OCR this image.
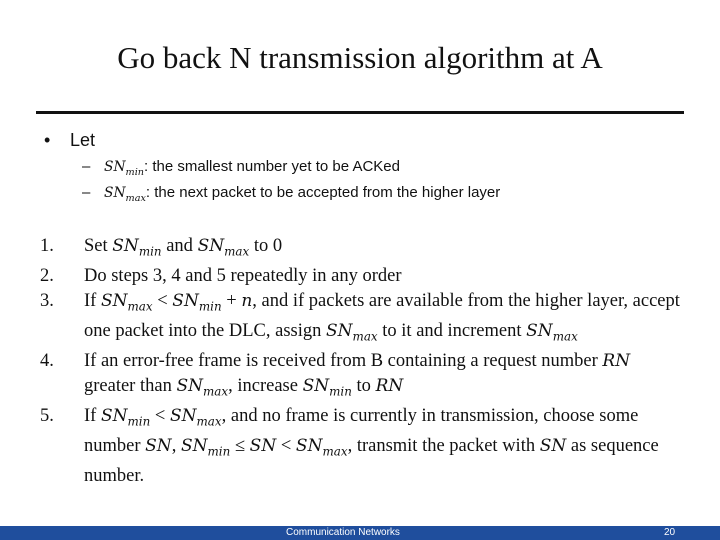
Go back N transmission algorithm at A
• Let
– $SN_{min}$: the smallest number yet to be ACKed
– $SN_{max}$: the next packet to be accepted from the higher layer
1.	Set $SN_{min}$ and $SN_{max}$ to 0
2.	Do steps 3, 4 and 5 repeatedly in any order
3.	If $SN_{max} < SN_{min} + n$, and if packets are available from the higher layer, accept one packet into the DLC, assign $SN_{max}$ to it and increment $SN_{max}$
4.	If an error-free frame is received from B containing a request number RN greater than $SN_{max}$, increase $SN_{min}$ to RN
5.	If $SN_{min} < SN_{max}$, and no frame is currently in transmission, choose some number SN, $SN_{min}$ ≤ SN < $SN_{max}$, transmit the packet with SN as sequence number.
Communication Networks	20
